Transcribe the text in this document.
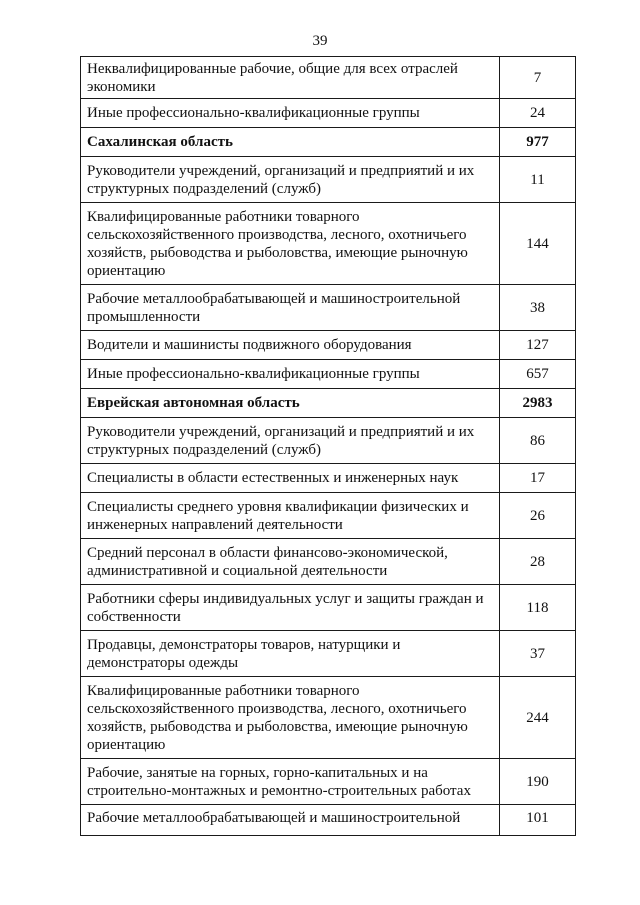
39
Неквалифицированные рабочие, общие для всех отраслей экономики	7
Иные профессионально-квалификационные группы	24
Сахалинская область	977
Руководители учреждений, организаций и предприятий и их структурных подразделений (служб)	11
Квалифицированные работники товарного сельскохозяйственного производства, лесного, охотничьего хозяйств, рыбоводства и рыболовства, имеющие рыночную ориентацию	144
Рабочие металлообрабатывающей и машиностроительной промышленности	38
Водители и машинисты подвижного оборудования	127
Иные профессионально-квалификационные группы	657
Еврейская автономная область	2983
Руководители учреждений, организаций и предприятий и их структурных подразделений (служб)	86
Специалисты в области естественных и инженерных наук	17
Специалисты среднего уровня квалификации физических и инженерных направлений деятельности	26
Средний персонал в области финансово-экономической, административной и социальной деятельности	28
Работники сферы индивидуальных услуг и защиты граждан и собственности	118
Продавцы, демонстраторы товаров, натурщики и демонстраторы одежды	37
Квалифицированные работники товарного сельскохозяйственного производства, лесного, охотничьего хозяйств, рыбоводства и рыболовства, имеющие рыночную ориентацию	244
Рабочие, занятые на горных, горно-капитальных и на строительно-монтажных и ремонтно-строительных работах	190
Рабочие металлообрабатывающей и машиностроительной	101
